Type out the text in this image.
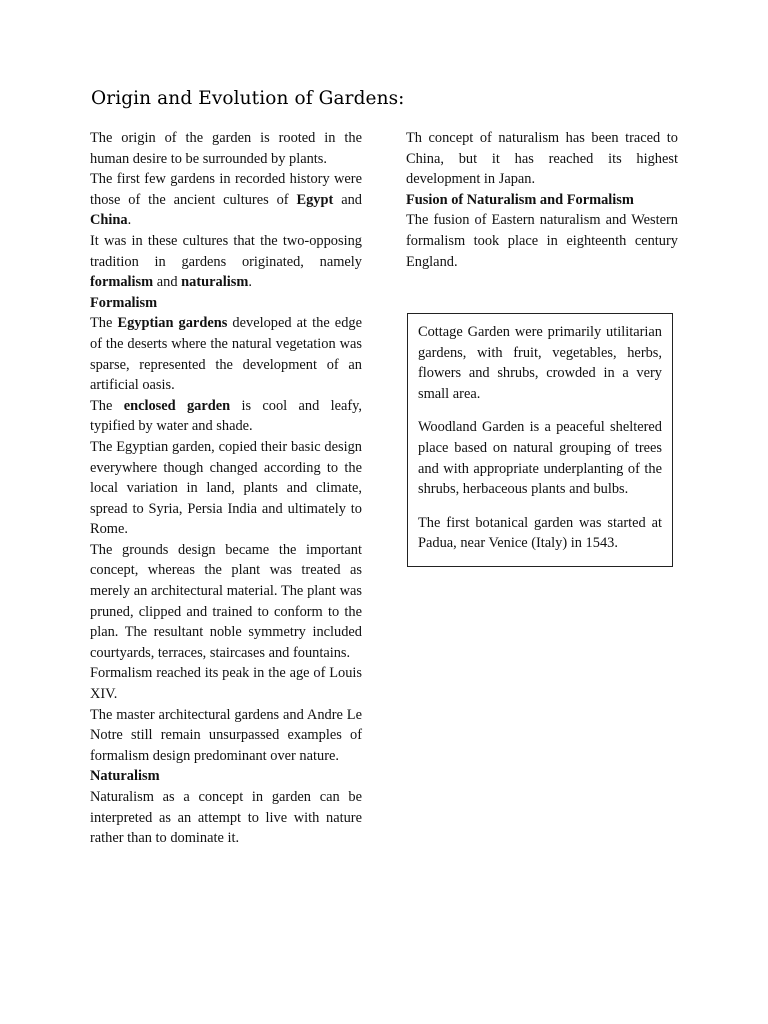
Origin and Evolution of Gardens:

The origin of the garden is rooted in the human desire to be surrounded by plants.

The first few gardens in recorded history were those of the ancient cultures of Egypt and China.

It was in these cultures that the two-opposing tradition in gardens originated, namely formalism and naturalism.

Formalism

The Egyptian gardens developed at the edge of the deserts where the natural vegetation was sparse, represented the development of an artificial oasis.

The enclosed garden is cool and leafy, typified by water and shade.

The Egyptian garden, copied their basic design everywhere though changed according to the local variation in land, plants and climate, spread to Syria, Persia India and ultimately to Rome.

The grounds design became the important concept, whereas the plant was treated as merely an architectural material. The plant was pruned, clipped and trained to conform to the plan. The resultant noble symmetry included courtyards, terraces, staircases and fountains.

Formalism reached its peak in the age of Louis XIV.

The master architectural gardens and Andre Le Notre still remain unsurpassed examples of formalism design predominant over nature.

Naturalism

Naturalism as a concept in garden can be interpreted as an attempt to live with nature rather than to dominate it.

Th concept of naturalism has been traced to China, but it has reached its highest development in Japan.

Fusion of Naturalism and Formalism

The fusion of Eastern naturalism and Western formalism took place in eighteenth century England.

Cottage Garden were primarily utilitarian gardens, with fruit, vegetables, herbs, flowers and shrubs, crowded in a very small area.

Woodland Garden is a peaceful sheltered place based on natural grouping of trees and with appropriate underplanting of the shrubs, herbaceous plants and bulbs.

The first botanical garden was started at Padua, near Venice (Italy) in 1543.
